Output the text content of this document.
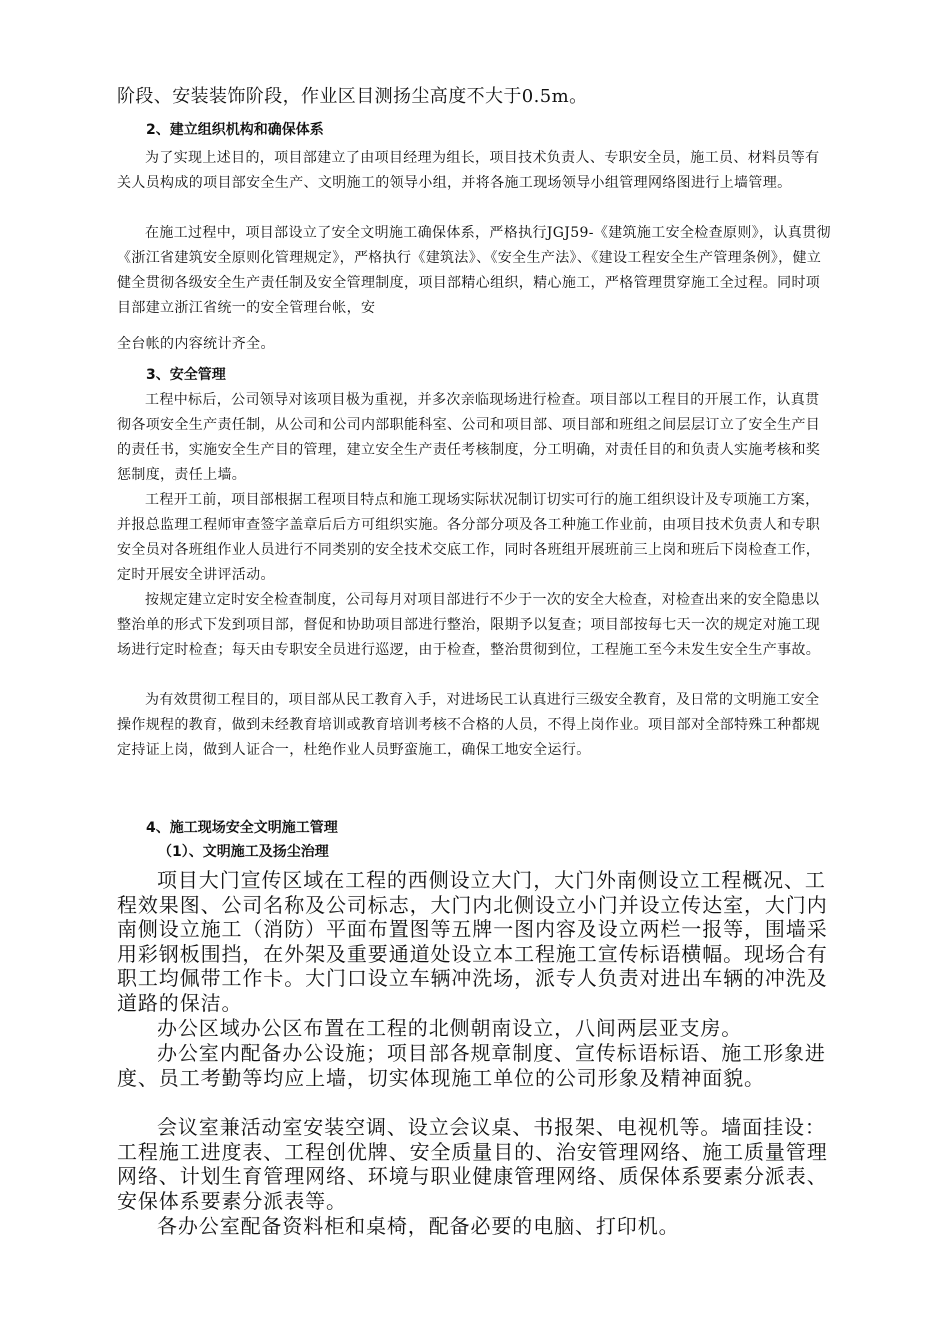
阶段、安装装饰阶段，作业区目测扬尘高度不大于0.5m。

2、建立组织机构和确保体系

为了实现上述目的，项目部建立了由项目经理为组长，项目技术负责人、专职安全员，施工员、材料员等有关人员构成的项目部安全生产、文明施工的领导小组，并将各施工现场领导小组管理网络图进行上墙管理。

在施工过程中，项目部设立了安全文明施工确保体系，严格执行JGJ59-《建筑施工安全检查原则》，认真贯彻《浙江省建筑安全原则化管理规定》，严格执行《建筑法》、《安全生产法》、《建设工程安全生产管理条例》，健立健全贯彻各级安全生产责任制及安全管理制度，项目部精心组织，精心施工，严格管理贯穿施工全过程。同时项目部建立浙江省统一的安全管理台帐，安

全台帐的内容统计齐全。

3、安全管理

工程中标后，公司领导对该项目极为重视，并多次亲临现场进行检查。项目部以工程目的开展工作，认真贯彻各项安全生产责任制，从公司和公司内部职能科室、公司和项目部、项目部和班组之间层层订立了安全生产目的责任书，实施安全生产目的管理，建立安全生产责任考核制度，分工明确，对责任目的和负责人实施考核和奖惩制度，责任上墙。

工程开工前，项目部根据工程项目特点和施工现场实际状况制订切实可行的施工组织设计及专项施工方案，并报总监理工程师审查签字盖章后后方可组织实施。各分部分项及各工种施工作业前，由项目技术负责人和专职安全员对各班组作业人员进行不同类别的安全技术交底工作，同时各班组开展班前三上岗和班后下岗检查工作，定时开展安全讲评活动。

按规定建立定时安全检查制度，公司每月对项目部进行不少于一次的安全大检查，对检查出来的安全隐患以整治单的形式下发到项目部，督促和协助项目部进行整治，限期予以复查；项目部按每七天一次的规定对施工现场进行定时检查；每天由专职安全员进行巡逻，由于检查，整治贯彻到位，工程施工至今未发生安全生产事故。

为有效贯彻工程目的，项目部从民工教育入手，对进场民工认真进行三级安全教育，及日常的文明施工安全操作规程的教育，做到未经教育培训或教育培训考核不合格的人员，不得上岗作业。项目部对全部特殊工种都规定持证上岗，做到人证合一，杜绝作业人员野蛮施工，确保工地安全运行。

4、施工现场安全文明施工管理

（1）、文明施工及扬尘治理

项目大门宣传区域在工程的西侧设立大门，大门外南侧设立工程概况、工程效果图、公司名称及公司标志，大门内北侧设立小门并设立传达室，大门内南侧设立施工（消防）平面布置图等五牌一图内容及设立两栏一报等，围墙采用彩钢板围挡，在外架及重要通道处设立本工程施工宣传标语横幅。现场合有职工均佩带工作卡。大门口设立车辆冲洗场，派专人负责对进出车辆的冲洗及道路的保洁。

办公区域办公区布置在工程的北侧朝南设立，八间两层亚支房。

办公室内配备办公设施；项目部各规章制度、宣传标语标语、施工形象进度、员工考勤等均应上墙，切实体现施工单位的公司形象及精神面貌。

会议室兼活动室安装空调、设立会议桌、书报架、电视机等。墙面挂设：工程施工进度表、工程创优牌、安全质量目的、治安管理网络、施工质量管理网络、计划生育管理网络、环境与职业健康管理网络、质保体系要素分派表、安保体系要素分派表等。

各办公室配备资料柜和桌椅，配备必要的电脑、打印机。
